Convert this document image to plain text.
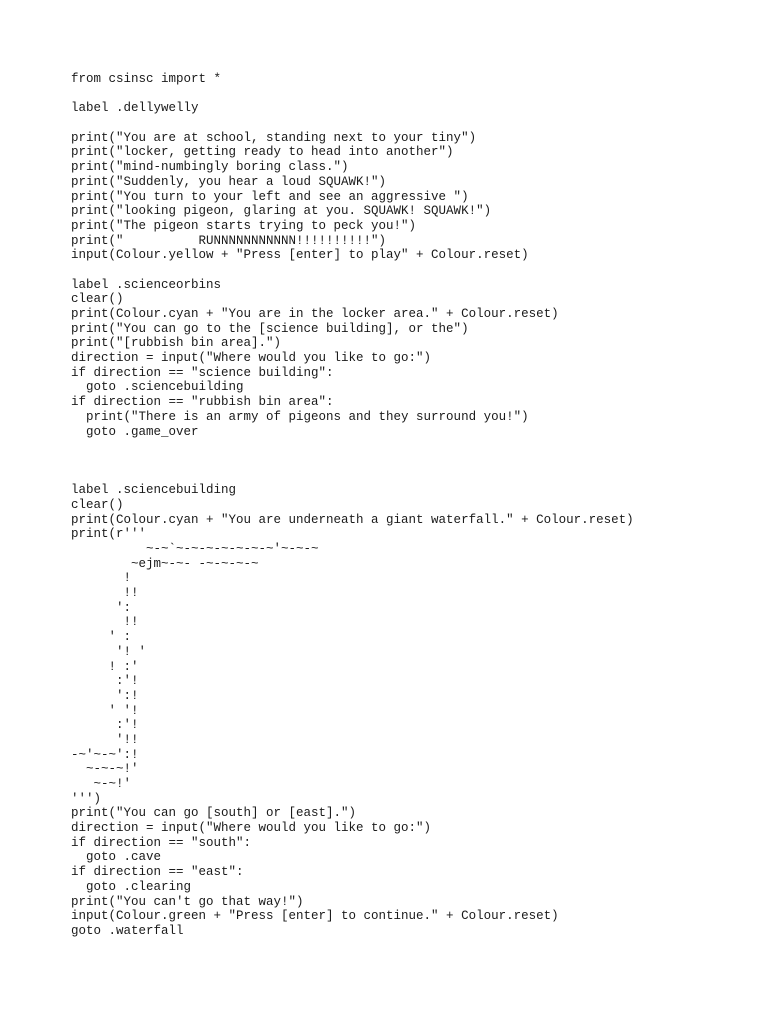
from csinsc import *
label .dellywelly
print("You are at school, standing next to your tiny")
print("locker, getting ready to head into another")
print("mind-numbingly boring class.")
print("Suddenly, you hear a loud SQUAWK!")
print("You turn to your left and see an aggressive ")
print("looking pigeon, glaring at you. SQUAWK! SQUAWK!")
print("The pigeon starts trying to peck you!")
print("          RUNNNNNNNNNNN!!!!!!!!!!")
input(Colour.yellow + "Press [enter] to play" + Colour.reset)
label .scienceorbins
clear()
print(Colour.cyan + "You are in the locker area." + Colour.reset)
print("You can go to the [science building], or the")
print("[rubbish bin area].")
direction = input("Where would you like to go:")
if direction == "science building":
goto .sciencebuilding
if direction == "rubbish bin area":
print("There is an army of pigeons and they surround you!")
goto .game_over
label .sciencebuilding
clear()
print(Colour.cyan + "You are underneath a giant waterfall." + Colour.reset)
print(r'''
~-~`~-~-~-~-~-~-~'~-~-~
~ejm~-~- -~-~-~-~
!
!!
':
!!
' :
'! '
! :'
:'!
':!
' '!
:'!
'!!
-~'~-~':!
~-~-~!'
~-~!'
''')
print("You can go [south] or [east].")
direction = input("Where would you like to go:")
if direction == "south":
goto .cave
if direction == "east":
goto .clearing
print("You can't go that way!")
input(Colour.green + "Press [enter] to continue." + Colour.reset)
goto .waterfall
